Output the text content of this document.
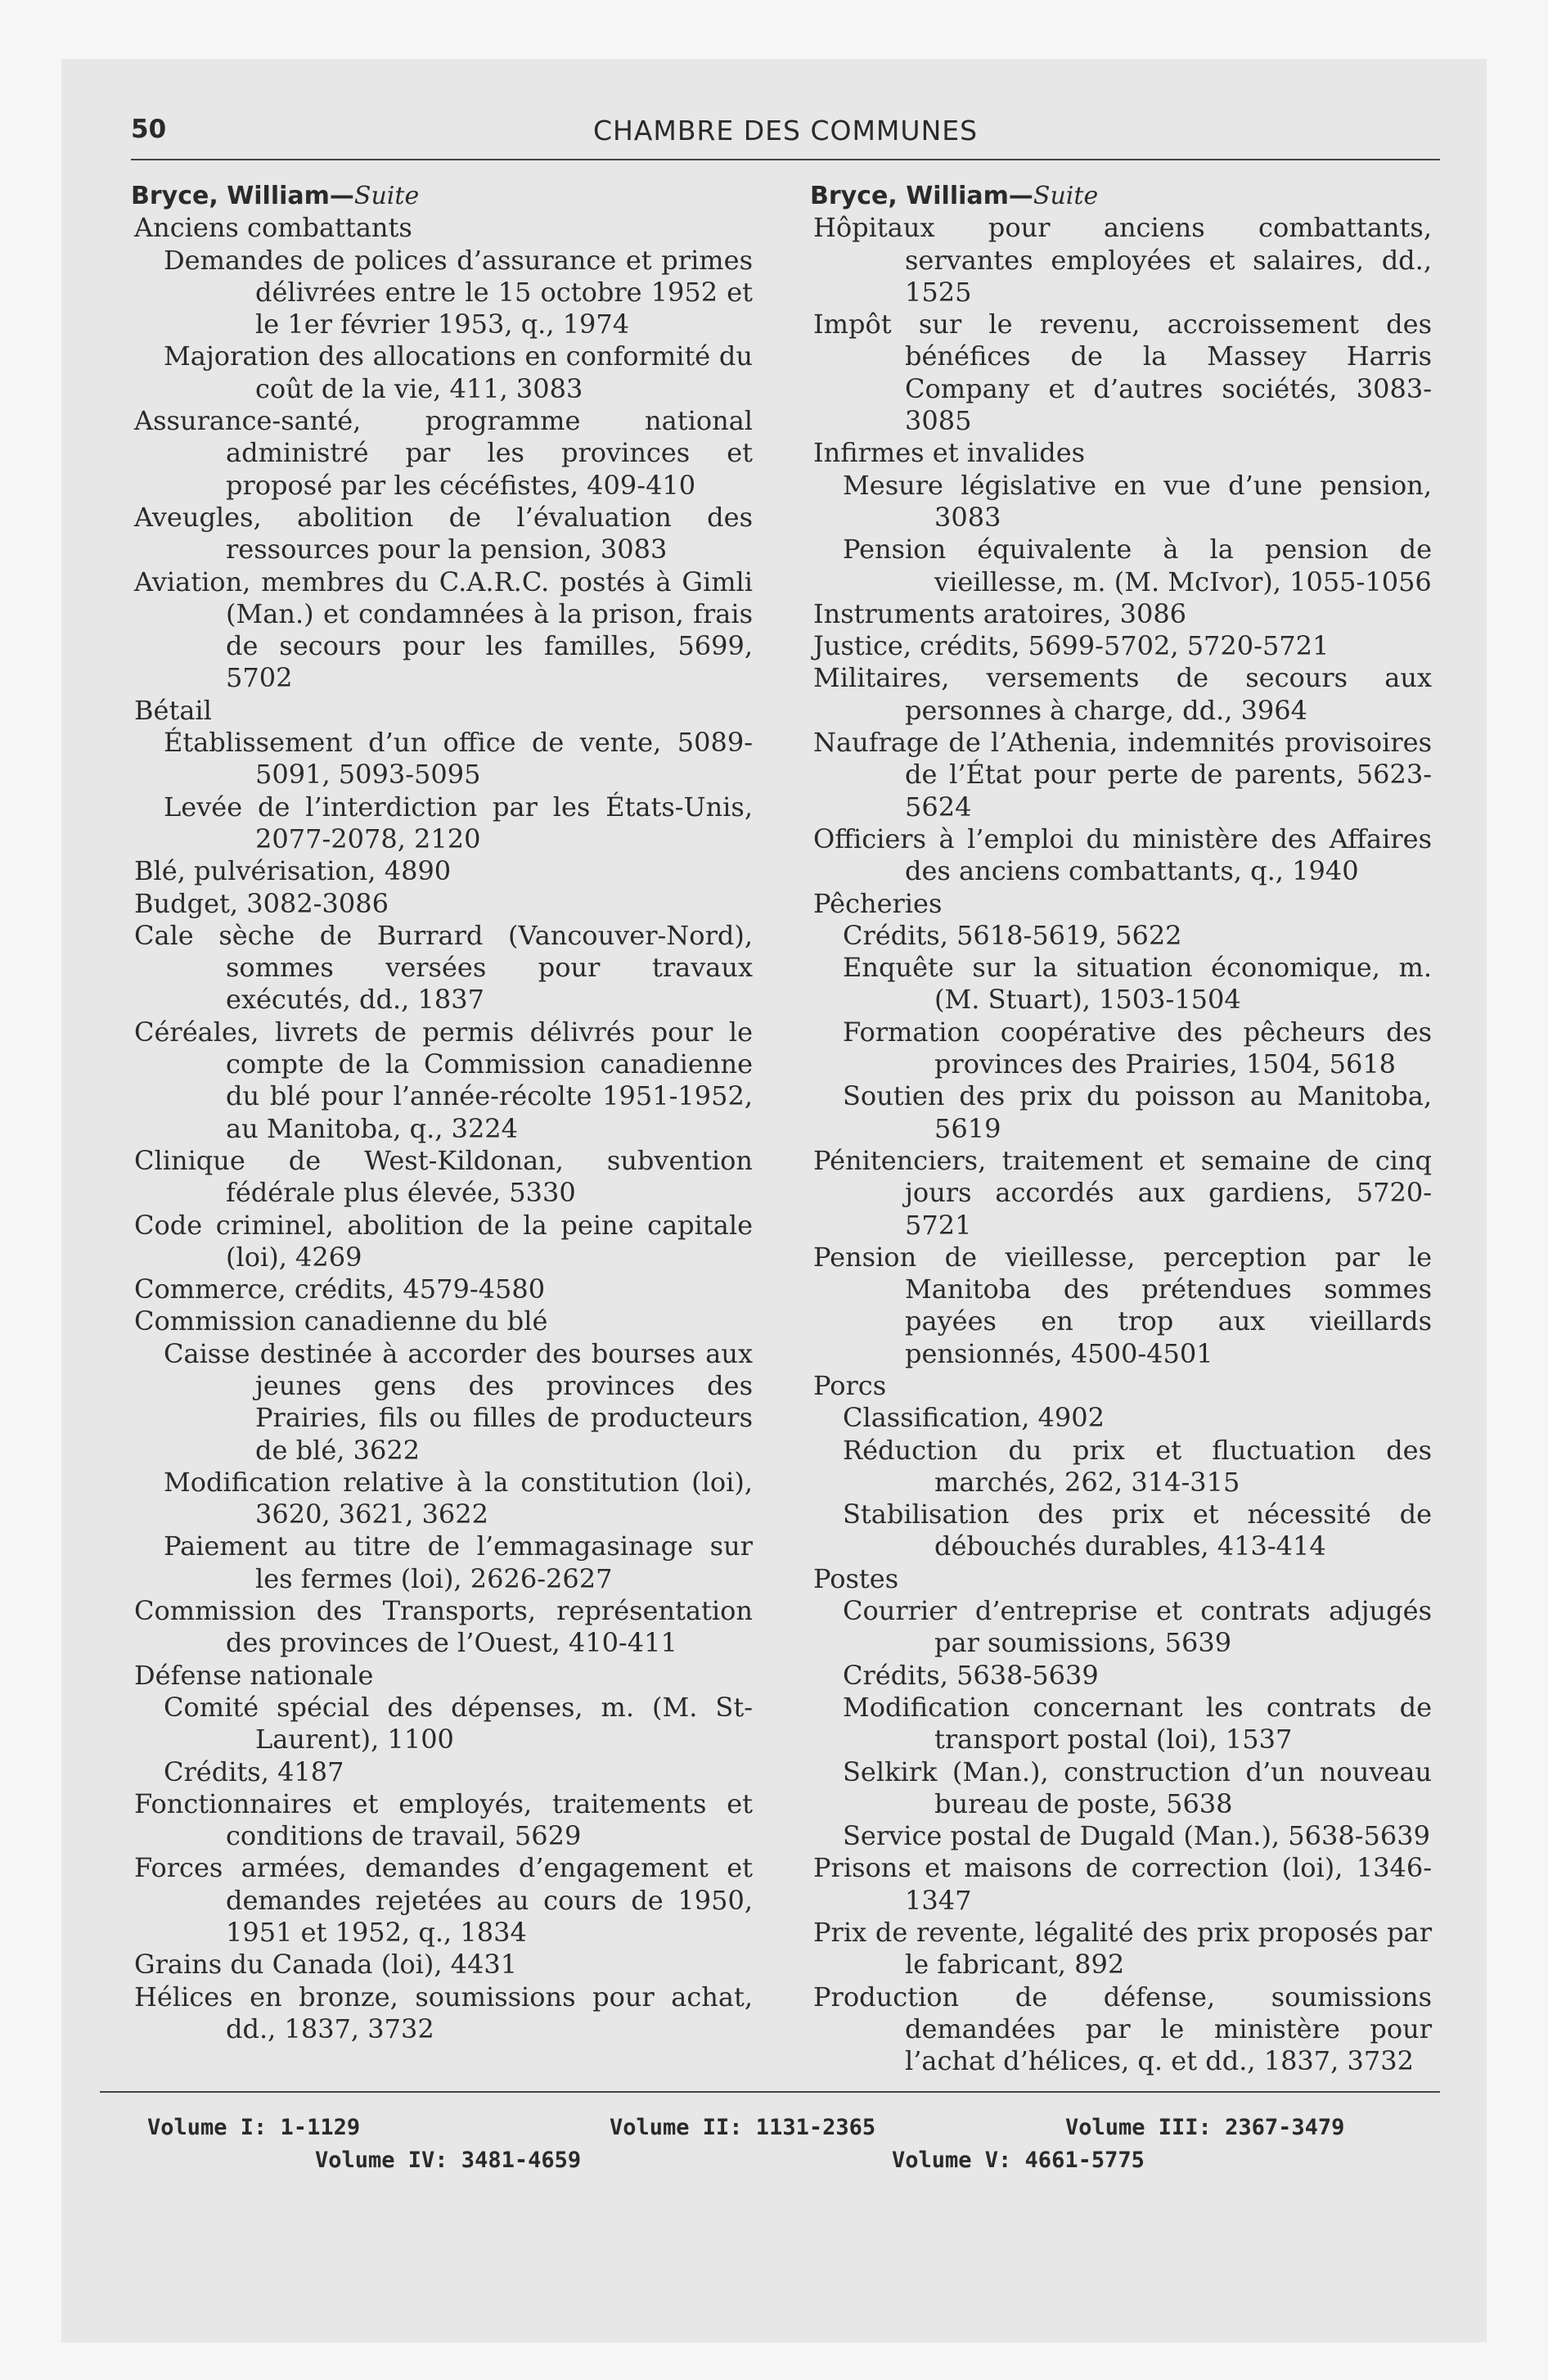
50	CHAMBRE DES COMMUNES
Bryce, William—Suite
Anciens combattants
Demandes de polices d’assurance et primes délivrées entre le 15 octobre 1952 et le 1er février 1953, q., 1974
Majoration des allocations en conformité du coût de la vie, 411, 3083
Assurance-santé, programme national administré par les provinces et proposé par les cécéfistes, 409-410
Aveugles, abolition de l’évaluation des ressources pour la pension, 3083
Aviation, membres du C.A.R.C. postés à Gimli (Man.) et condamnées à la prison, frais de secours pour les familles, 5699, 5702
Bétail
Établissement d’un office de vente, 5089-5091, 5093-5095
Levée de l’interdiction par les États-Unis, 2077-2078, 2120
Blé, pulvérisation, 4890
Budget, 3082-3086
Cale sèche de Burrard (Vancouver-Nord), sommes versées pour travaux exécutés, dd., 1837
Céréales, livrets de permis délivrés pour le compte de la Commission canadienne du blé pour l’année-récolte 1951-1952, au Manitoba, q., 3224
Clinique de West-Kildonan, subvention fédérale plus élevée, 5330
Code criminel, abolition de la peine capitale (loi), 4269
Commerce, crédits, 4579-4580
Commission canadienne du blé
Caisse destinée à accorder des bourses aux jeunes gens des provinces des Prairies, fils ou filles de producteurs de blé, 3622
Modification relative à la constitution (loi), 3620, 3621, 3622
Paiement au titre de l’emmagasinage sur les fermes (loi), 2626-2627
Commission des Transports, représentation des provinces de l’Ouest, 410-411
Défense nationale
Comité spécial des dépenses, m. (M. St-Laurent), 1100
Crédits, 4187
Fonctionnaires et employés, traitements et conditions de travail, 5629
Forces armées, demandes d’engagement et demandes rejetées au cours de 1950, 1951 et 1952, q., 1834
Grains du Canada (loi), 4431
Hélices en bronze, soumissions pour achat, dd., 1837, 3732
Bryce, William—Suite
Hôpitaux pour anciens combattants, servantes employées et salaires, dd., 1525
Impôt sur le revenu, accroissement des bénéfices de la Massey Harris Company et d’autres sociétés, 3083-3085
Infirmes et invalides
Mesure législative en vue d’une pension, 3083
Pension équivalente à la pension de vieillesse, m. (M. McIvor), 1055-1056
Instruments aratoires, 3086
Justice, crédits, 5699-5702, 5720-5721
Militaires, versements de secours aux personnes à charge, dd., 3964
Naufrage de l’Athenia, indemnités provisoires de l’État pour perte de parents, 5623-5624
Officiers à l’emploi du ministère des Affaires des anciens combattants, q., 1940
Pêcheries
Crédits, 5618-5619, 5622
Enquête sur la situation économique, m. (M. Stuart), 1503-1504
Formation coopérative des pêcheurs des provinces des Prairies, 1504, 5618
Soutien des prix du poisson au Manitoba, 5619
Pénitenciers, traitement et semaine de cinq jours accordés aux gardiens, 5720-5721
Pension de vieillesse, perception par le Manitoba des prétendues sommes payées en trop aux vieillards pensionnés, 4500-4501
Porcs
Classification, 4902
Réduction du prix et fluctuation des marchés, 262, 314-315
Stabilisation des prix et nécessité de débouchés durables, 413-414
Postes
Courrier d’entreprise et contrats adjugés par soumissions, 5639
Crédits, 5638-5639
Modification concernant les contrats de transport postal (loi), 1537
Selkirk (Man.), construction d’un nouveau bureau de poste, 5638
Service postal de Dugald (Man.), 5638-5639
Prisons et maisons de correction (loi), 1346-1347
Prix de revente, légalité des prix proposés par le fabricant, 892
Production de défense, soumissions demandées par le ministère pour l’achat d’hélices, q. et dd., 1837, 3732
Volume I: 1-1129	Volume II: 1131-2365	Volume III: 2367-3479
Volume IV: 3481-4659	Volume V: 4661-5775
